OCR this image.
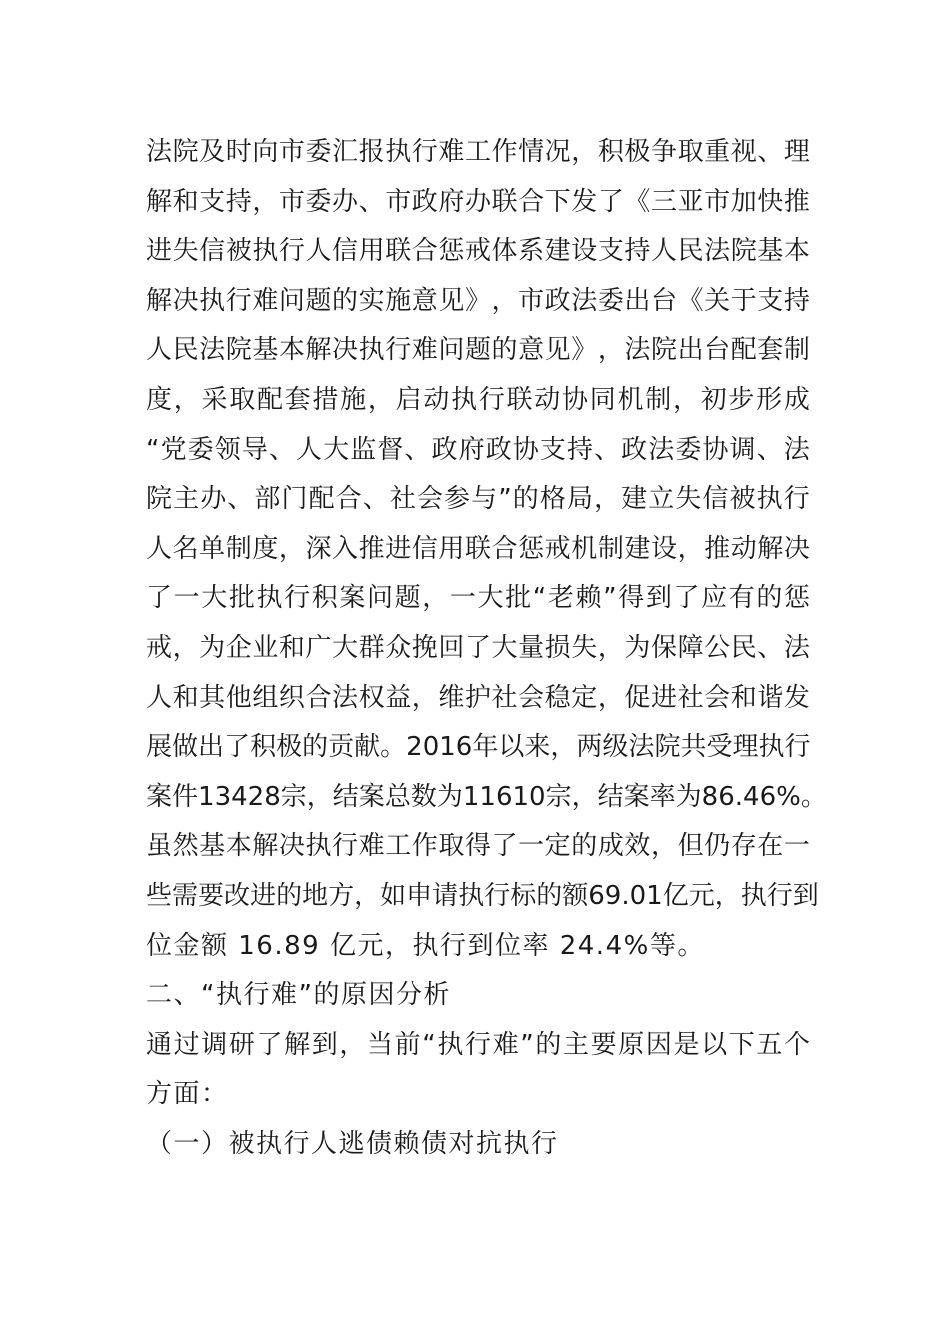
法 院 及 时 向 市 委 汇 报 执 行 难 工 作 情 况 ， 积 极 争 取 重 视 、 理
解 和 支 持 ， 市 委 办 、 市 政 府 办 联 合 下 发 了 《 三 亚 市 加 快 推
进 失 信 被 执 行 人 信 用 联 合 惩 戒 体 系 建 设 支 持 人 民 法 院 基 本
解 决 执 行 难 问 题 的 实 施 意 见 》 ， 市 政 法 委 出 台 《 关 于 支 持
人 民 法 院 基 本 解 决 执 行 难 问 题 的 意 见 》 ， 法 院 出 台 配 套 制
度 ， 采 取 配 套 措 施 ， 启 动 执 行 联 动 协 同 机 制 ， 初 步 形 成
“ 党 委 领 导 、 人 大 监 督 、 政 府 政 协 支 持 、 政 法 委 协 调 、 法
院 主 办 、 部 门 配 合 、 社 会 参 与 ” 的 格 局 ， 建 立 失 信 被 执 行
人 名 单 制 度 ， 深 入 推 进 信 用 联 合 惩 戒 机 制 建 设 ， 推 动 解 决
了 一 大 批 执 行 积 案 问 题 ， 一 大 批 “ 老 赖 ” 得 到 了 应 有 的 惩
戒 ， 为 企 业 和 广 大 群 众 挽 回 了 大 量 损 失 ， 为 保 障 公 民 、 法
人 和 其 他 组 织 合 法 权 益 ， 维 护 社 会 稳 定 ， 促 进 社 会 和 谐 发
展 做 出 了 积 极 的 贡 献 。 2016 年 以 来 ， 两 级 法 院 共 受 理 执 行
案 件 13428 宗 ， 结 案 总 数 为 11610 宗 ， 结 案 率 为 86.46% 。
虽 然 基 本 解 决 执 行 难 工 作 取 得 了 一 定 的 成 效 ， 但 仍 存 在 一
些 需 要 改 进 的 地 方 ， 如 申 请 执 行 标 的 额 69.01 亿 元 ， 执 行 到
位金额 16.89 亿元，执行到位率 24.4%等。
二、“执行难”的原因分析
通 过 调 研 了 解 到 ， 当 前 “ 执 行 难 ” 的 主 要 原 因 是 以 下 五 个
方面：
（一）被执行人逃债赖债对抗执行
